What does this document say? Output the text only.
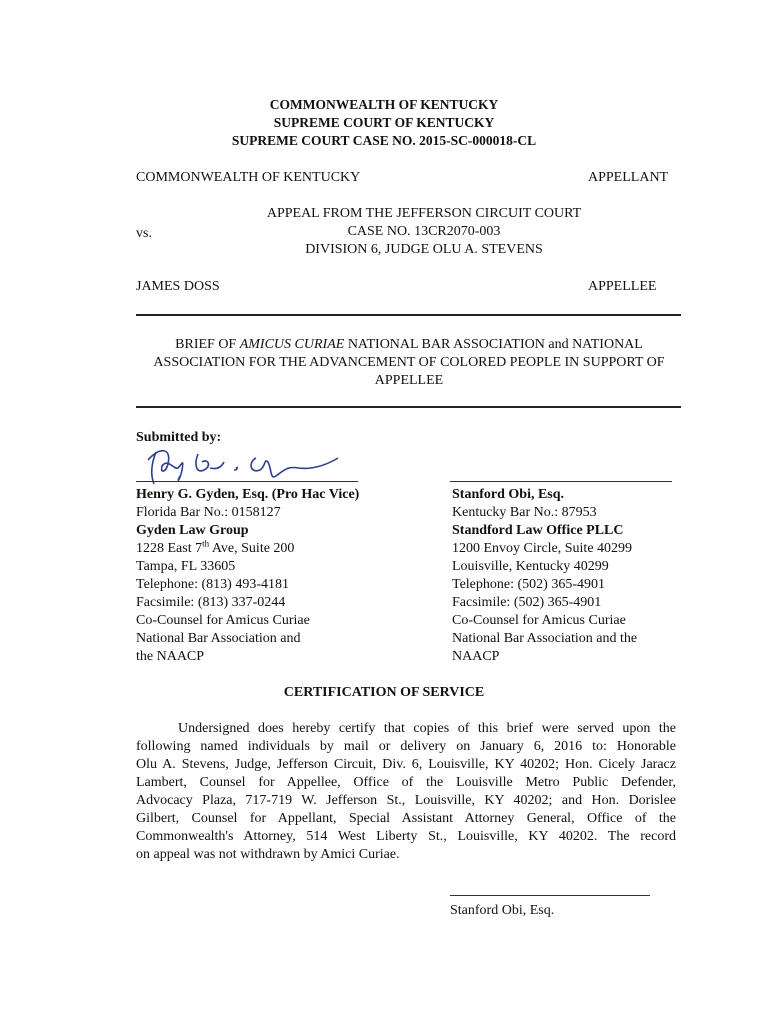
COMMONWEALTH OF KENTUCKY
SUPREME COURT OF KENTUCKY
SUPREME COURT CASE NO. 2015-SC-000018-CL
COMMONWEALTH OF KENTUCKY	APPELLANT
APPEAL FROM THE JEFFERSON CIRCUIT COURT
CASE NO. 13CR2070-003
DIVISION 6, JUDGE OLU A. STEVENS
vs.
JAMES DOSS	APPELLEE
BRIEF OF AMICUS CURIAE NATIONAL BAR ASSOCIATION and NATIONAL
ASSOCIATION FOR THE ADVANCEMENT OF COLORED PEOPLE IN SUPPORT OF
APPELLEE
Submitted by:
Henry G. Gyden, Esq. (Pro Hac Vice)
Florida Bar No.: 0158127
Gyden Law Group
1228 East 7th Ave, Suite 200
Tampa, FL 33605
Telephone: (813) 493-4181
Facsimile: (813) 337-0244
Co-Counsel for Amicus Curiae
National Bar Association and
the NAACP
Stanford Obi, Esq.
Kentucky Bar No.: 87953
Standford Law Office PLLC
1200 Envoy Circle, Suite 40299
Louisville, Kentucky 40299
Telephone: (502) 365-4901
Facsimile: (502) 365-4901
Co-Counsel for Amicus Curiae
National Bar Association and the
NAACP
CERTIFICATION OF SERVICE
Undersigned does hereby certify that copies of this brief were served upon the
following named individuals by mail or delivery on January 6, 2016 to: Honorable
Olu A. Stevens, Judge, Jefferson Circuit, Div. 6, Louisville, KY 40202; Hon. Cicely Jaracz
Lambert, Counsel for Appellee, Office of the Louisville Metro Public Defender,
Advocacy Plaza, 717-719 W. Jefferson St., Louisville, KY 40202; and Hon. Dorislee
Gilbert, Counsel for Appellant, Special Assistant Attorney General, Office of the
Commonwealth's Attorney, 514 West Liberty St., Louisville, KY 40202. The record
on appeal was not withdrawn by Amici Curiae.
Stanford Obi, Esq.
